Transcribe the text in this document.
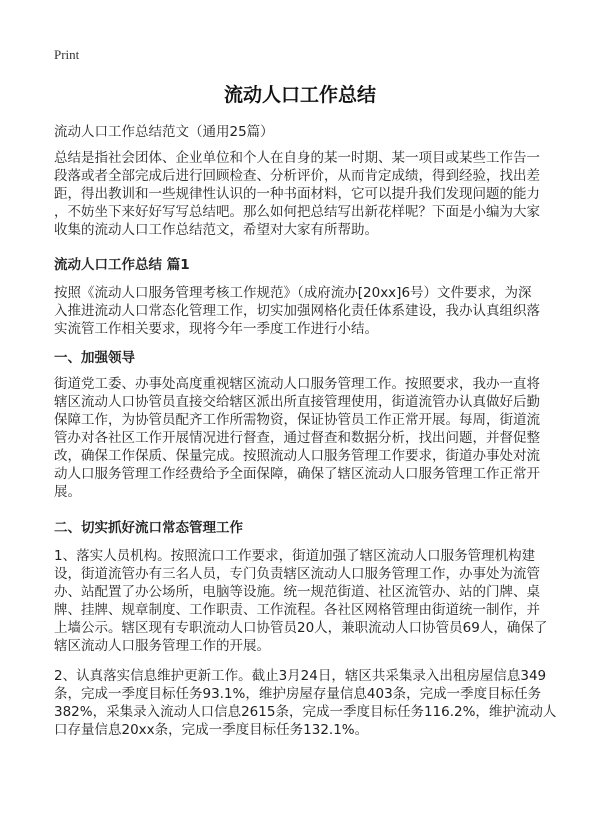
Print
流动人口工作总结
流动人口工作总结范文（通用25篇）
总结是指社会团体、企业单位和个人在自身的某一时期、某一项目或某些工作告一
段落或者全部完成后进行回顾检查、分析评价，从而肯定成绩，得到经验，找出差
距，得出教训和一些规律性认识的一种书面材料，它可以提升我们发现问题的能力
，不妨坐下来好好写写总结吧。那么如何把总结写出新花样呢？下面是小编为大家
收集的流动人口工作总结范文，希望对大家有所帮助。
流动人口工作总结 篇1
按照《流动人口服务管理考核工作规范》（成府流办[20xx]6号）文件要求，为深
入推进流动人口常态化管理工作，切实加强网格化责任体系建设，我办认真组织落
实流管工作相关要求，现将今年一季度工作进行小结。
一、加强领导
街道党工委、办事处高度重视辖区流动人口服务管理工作。按照要求，我办一直将
辖区流动人口协管员直接交给辖区派出所直接管理使用，街道流管办认真做好后勤
保障工作，为协管员配齐工作所需物资，保证协管员工作正常开展。每周，街道流
管办对各社区工作开展情况进行督查，通过督查和数据分析，找出问题，并督促整
改，确保工作保质、保量完成。按照流动人口服务管理工作要求，街道办事处对流
动人口服务管理工作经费给予全面保障，确保了辖区流动人口服务管理工作正常开
展。
二、切实抓好流口常态管理工作
1、落实人员机构。按照流口工作要求，街道加强了辖区流动人口服务管理机构建
设，街道流管办有三名人员，专门负责辖区流动人口服务管理工作，办事处为流管
办、站配置了办公场所，电脑等设施。统一规范街道、社区流管办、站的门牌、桌
牌、挂牌、规章制度、工作职责、工作流程。各社区网格管理由街道统一制作，并
上墙公示。辖区现有专职流动人口协管员20人，兼职流动人口协管员69人，确保了
辖区流动人口服务管理工作的开展。
2、认真落实信息维护更新工作。截止3月24日，辖区共采集录入出租房屋信息349
条，完成一季度目标任务93.1%，维护房屋存量信息403条，完成一季度目标任务
382%，采集录入流动人口信息2615条，完成一季度目标任务116.2%，维护流动人
口存量信息20xx条，完成一季度目标任务132.1%。
